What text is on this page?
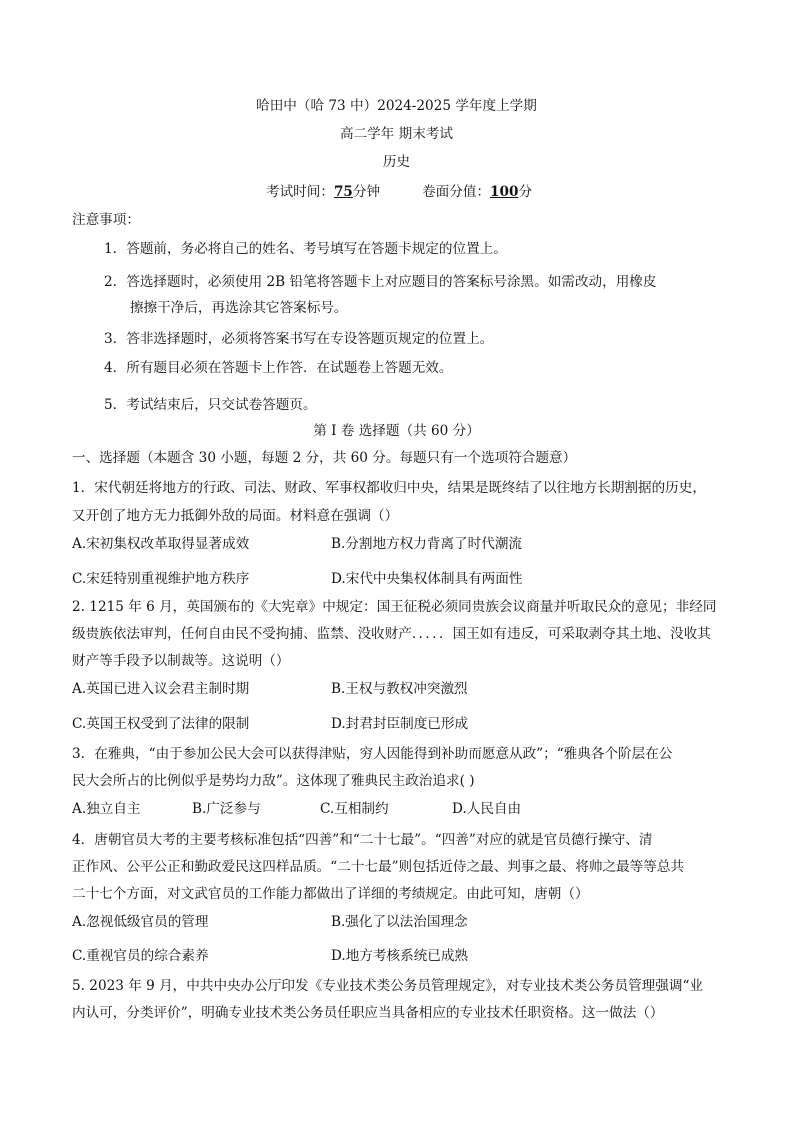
哈田中（哈 73 中）2024-2025 学年度上学期
高二学年 期末考试
历史
考试时间：75分钟	卷面分值：100分
注意事项：
1．答题前，务必将自己的姓名、考号填写在答题卡规定的位置上。
2．答选择题时，必须使用 2B 铅笔将答题卡上对应题目的答案标号涂黑。如需改动，用橡皮
擦擦干净后，再选涂其它答案标号。
3．答非选择题时，必须将答案书写在专设答题页规定的位置上。
4．所有题目必须在答题卡上作答．在试题卷上答题无效。
5．考试结束后，只交试卷答题页。
第 I 卷 选择题（共 60 分）
一、选择题（本题含 30 小题，每题 2 分，共 60 分。每题只有一个选项符合题意）
1．宋代朝廷将地方的行政、司法、财政、军事权都收归中央，结果是既终结了以往地方长期割据的历史，
又开创了地方无力抵御外敌的局面。材料意在强调（）
A.宋初集权改革取得显著成效	B.分割地方权力背离了时代潮流
C.宋廷特别重视维护地方秩序	D.宋代中央集权体制具有两面性
2. 1215 年 6 月，英国颁布的《大宪章》中规定：国王征税必须同贵族会议商量并听取民众的意见；非经同
级贵族依法审判，任何自由民不受拘捕、监禁、没收财产．．．．．国王如有违反，可采取剥夺其土地、没收其
财产等手段予以制裁等。这说明（）
A.英国已进入议会君主制时期	B.王权与教权冲突激烈
C.英国王权受到了法律的限制	D.封君封臣制度已形成
3．在雅典，“由于参加公民大会可以获得津贴，穷人因能得到补助而愿意从政”；“雅典各个阶层在公
民大会所占的比例似乎是势均力敌”。这体现了雅典民主政治追求( )
A.独立自主	B.广泛参与	C.互相制约	D.人民自由
4．唐朝官员大考的主要考核标准包括“四善”和“二十七最”。“四善”对应的就是官员德行操守、清
正作风、公平公正和勤政爱民这四样品质。“二十七最”则包括近侍之最、判事之最、将帅之最等等总共
二十七个方面，对文武官员的工作能力都做出了详细的考绩规定。由此可知，唐朝（）
A.忽视低级官员的管理	B.强化了以法治国理念
C.重视官员的综合素养	D.地方考核系统已成熟
5. 2023 年 9 月，中共中央办公厅印发《专业技术类公务员管理规定》，对专业技术类公务员管理强调“业
内认可，分类评价”，明确专业技术类公务员任职应当具备相应的专业技术任职资格。这一做法（）
